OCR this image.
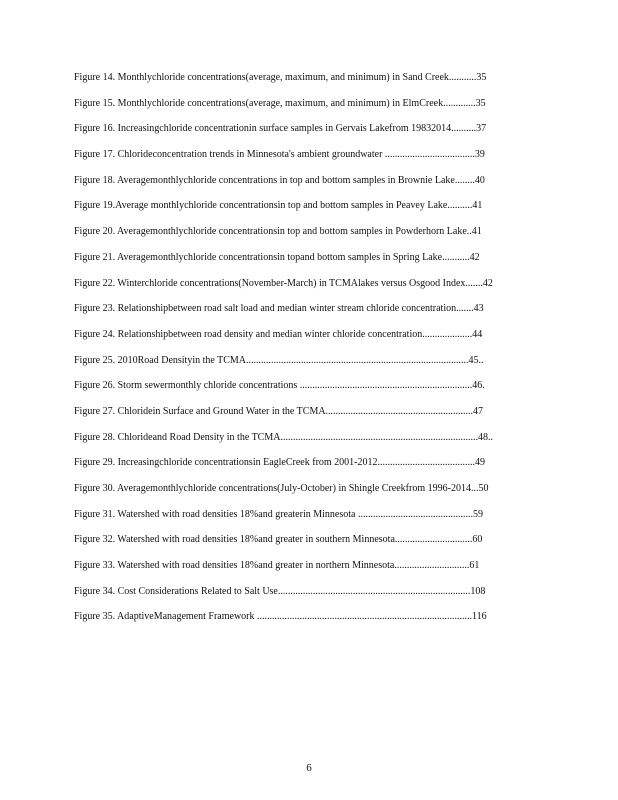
Figure 14. Monthlychloride concentrations(average, maximum, and minimum) in Sand Creek...........35
Figure 15. Monthlychloride concentrations(average, maximum, and minimum) in ElmCreek.............35
Figure 16. Increasingchloride concentrationin surface samples in Gervais Lakefrom 19832014..........37
Figure 17. Chlorideconcentration trends in Minnesota's ambient groundwater ....................................39
Figure 18. Averagemonthlychloride concentrations in top and bottom samples in Brownie Lake........40
Figure 19.Average monthlychloride concentrationsin top and bottom samples in Peavey Lake..........41
Figure 20. Averagemonthlychloride concentrationsin top and bottom samples in Powderhorn Lake..41
Figure 21. Averagemonthlychloride concentrationsin topand bottom samples in Spring Lake...........42
Figure 22. Winterchloride concentrations(November-March) in TCMAlakes versus Osgood Index.......42
Figure 23. Relationshipbetween road salt load and median winter stream chloride concentration.......43
Figure 24. Relationshipbetween road density and median winter chloride concentration....................44
Figure 25. 2010Road Densityin the TCMA.........................................................................................45..
Figure 26. Storm sewermonthly chloride concentrations .....................................................................46.
Figure 27. Chloridein Surface and Ground Water in the TCMA...........................................................47
Figure 28. Chlorideand Road Density in the TCMA...............................................................................48..
Figure 29. Increasingchloride concentrationsin EagleCreek from 2001-2012.......................................49
Figure 30. Averagemonthlychloride concentrations(July-October) in Shingle Creekfrom 1996-2014...50
Figure 31. Watershed with road densities 18%and greaterin Minnesota ..............................................59
Figure 32. Watershed with road densities 18%and greater in southern Minnesota...............................60
Figure 33. Watershed with road densities 18%and greater in northern Minnesota..............................61
Figure 34. Cost Considerations Related to Salt Use.............................................................................108
Figure 35. AdaptiveManagement Framework ......................................................................................116
6
